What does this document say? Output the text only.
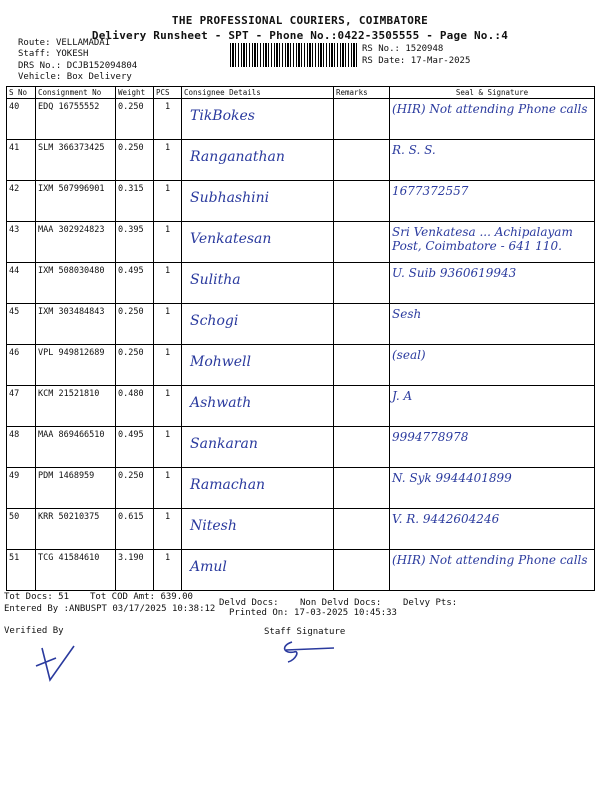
THE PROFESSIONAL COURIERS, COIMBATORE
Delivery Runsheet - SPT - Phone No.:0422-3505555 - Page No.:4
Route: VELLAMADAI
Staff: YOKESH
DRS No.: DCJB152094804
Vehicle: Box Delivery
RS No.: 1520948
RS Date: 17-Mar-2025
S No	Consignment No	Weight	PCS	Consignee Details	Remarks	Seal & Signature
40	EDQ 16755552	0.250	1	TikBokes		(HIR) Not attending Phone calls
41	SLM 366373425	0.250	1	Ranganathan		R. S. S.
42	IXM 507996901	0.315	1	Subhashini		1677372557
43	MAA 302924823	0.395	1	Venkatesan		Sri Venkatesa ... Achipalayam Post, Coimbatore - 641 110.
44	IXM 508030480	0.495	1	Sulitha		U. Suib 9360619943
45	IXM 303484843	0.250	1	Schogi		Sesh
46	VPL 949812689	0.250	1	Mohwell		(seal)
47	KCM 21521810	0.480	1	Ashwath		J. A
48	MAA 869466510	0.495	1	Sankaran		9994778978
49	PDM 1468959	0.250	1	Ramachan		N. Syk 9944401899
50	KRR 50210375	0.615	1	Nitesh		V. R. 9442604246
51	TCG 41584610	3.190	1	Amul		(HIR) Not attending Phone calls
Tot Docs: 51 Tot COD Amt: 639.00
Delvd Docs: Non Delvd Docs: Delvy Pts:
Entered By :ANBUSPT 03/17/2025 10:38:12 Printed On: 17-03-2025 10:45:33
Verified By	Staff Signature
